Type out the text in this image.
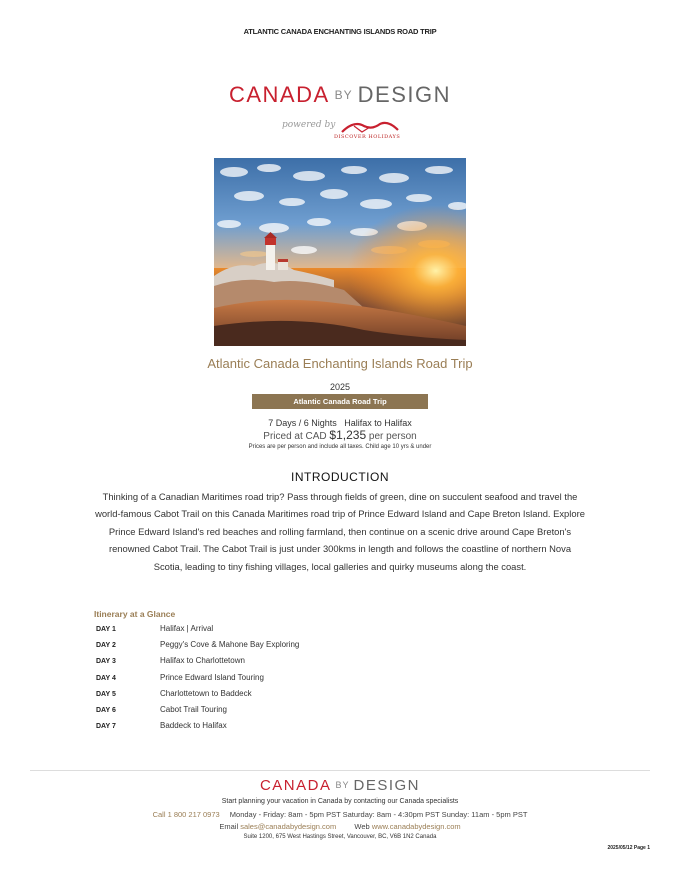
ATLANTIC CANADA ENCHANTING ISLANDS ROAD TRIP
CANADA BY DESIGN
powered by
DISCOVER HOLIDAYS
Atlantic Canada Enchanting Islands Road Trip
2025
Atlantic Canada Road Trip
7 Days / 6 Nights Halifax to Halifax
Priced at CAD $1,235 per person
Prices are per person and include all taxes. Child age 10 yrs & under
INTRODUCTION
Thinking of a Canadian Maritimes road trip? Pass through fields of green, dine on succulent seafood and travel the world-famous Cabot Trail on this Canada Maritimes road trip of Prince Edward Island and Cape Breton Island. Explore Prince Edward Island's red beaches and rolling farmland, then continue on a scenic drive around Cape Breton's renowned Cabot Trail. The Cabot Trail is just under 300kms in length and follows the coastline of northern Nova Scotia, leading to tiny fishing villages, local galleries and quirky museums along the coast.
Itinerary at a Glance
DAY 1	Halifax | Arrival
DAY 2	Peggy's Cove & Mahone Bay Exploring
DAY 3	Halifax to Charlottetown
DAY 4	Prince Edward Island Touring
DAY 5	Charlottetown to Baddeck
DAY 6	Cabot Trail Touring
DAY 7	Baddeck to Halifax
CANADA BY DESIGN
Start planning your vacation in Canada by contacting our Canada specialists
Call 1 800 217 0973 Monday - Friday: 8am - 5pm PST Saturday: 8am - 4:30pm PST Sunday: 11am - 5pm PST
Email sales@canadabydesign.com Web www.canadabydesign.com
Suite 1200, 675 West Hastings Street, Vancouver, BC, V6B 1N2 Canada
2025/05/12 Page 1
